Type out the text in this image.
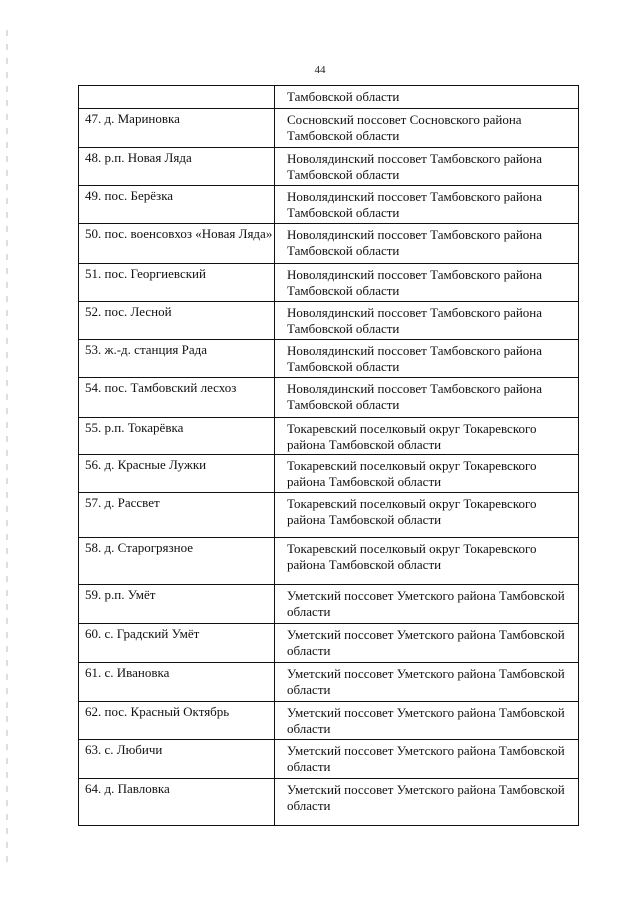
44
Тамбовской области
47. д. Мариновка	Сосновский поссовет Сосновского района Тамбовской области
48. р.п. Новая Ляда	Новолядинский поссовет Тамбовского района Тамбовской области
49. пос. Берёзка	Новолядинский поссовет Тамбовского района Тамбовской области
50. пос. военсовхоз «Новая Ляда»	Новолядинский поссовет Тамбовского района Тамбовской области
51. пос. Георгиевский	Новолядинский поссовет Тамбовского района Тамбовской области
52. пос. Лесной	Новолядинский поссовет Тамбовского района Тамбовской области
53. ж.-д. станция Рада	Новолядинский поссовет Тамбовского района Тамбовской области
54. пос. Тамбовский лесхоз	Новолядинский поссовет Тамбовского района Тамбовской области
55. р.п. Токарёвка	Токаревский поселковый округ Токаревского района Тамбовской области
56. д. Красные Лужки	Токаревский поселковый округ Токаревского района Тамбовской области
57. д. Рассвет	Токаревский поселковый округ Токаревского района Тамбовской области
58. д. Старогрязное	Токаревский поселковый округ Токаревского района Тамбовской области
59. р.п. Умёт	Уметский поссовет Уметского района Тамбовской области
60. с. Градский Умёт	Уметский поссовет Уметского района Тамбовской области
61. с. Ивановка	Уметский поссовет Уметского района Тамбовской области
62. пос. Красный Октябрь	Уметский поссовет Уметского района Тамбовской области
63. с. Любичи	Уметский поссовет Уметского района Тамбовской области
64. д. Павловка	Уметский поссовет Уметского района Тамбовской области
